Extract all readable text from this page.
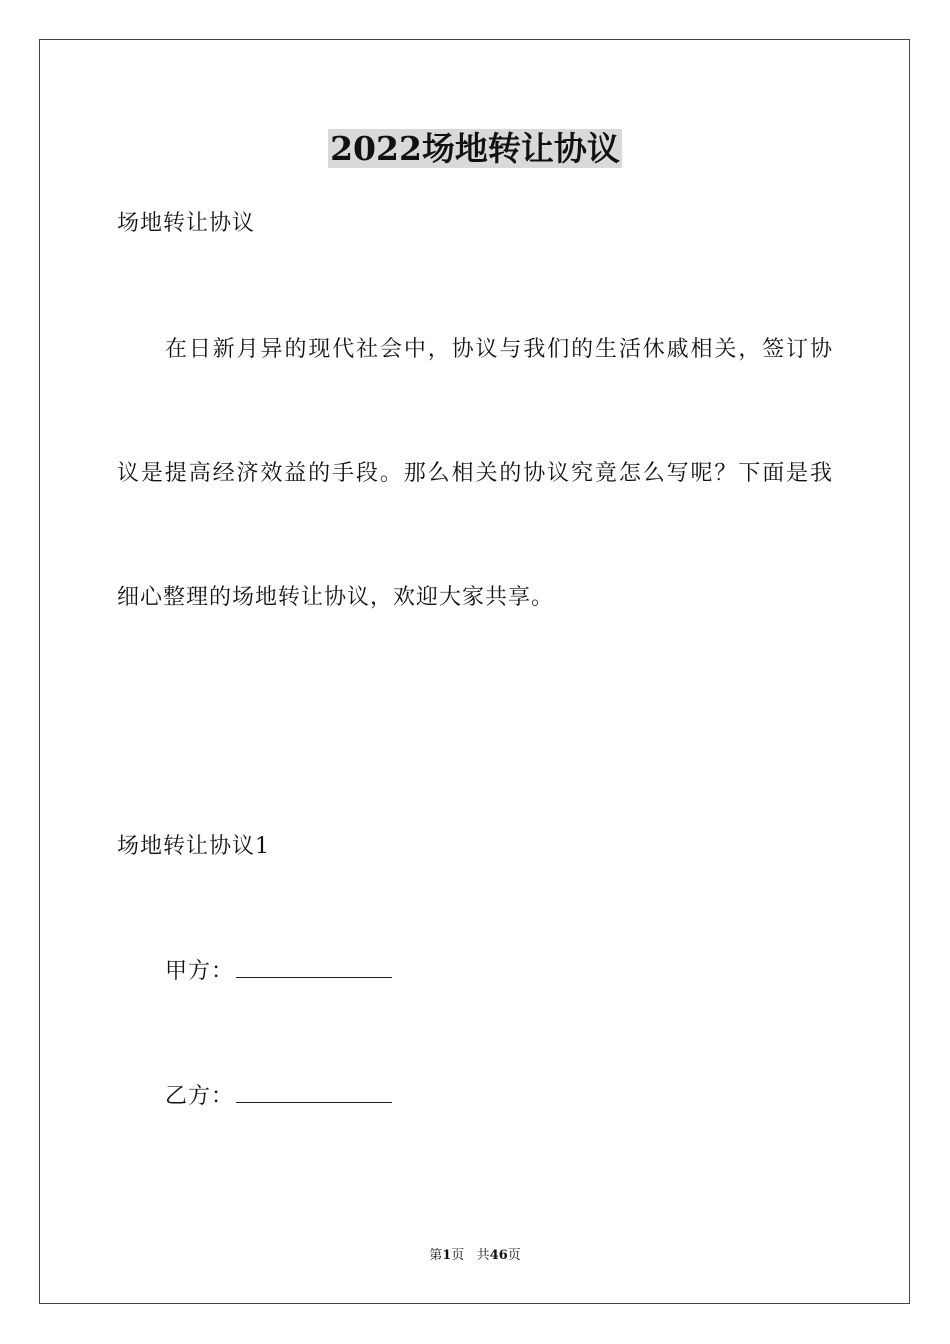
2022场地转让协议
场地转让协议
在日新月异的现代社会中，协议与我们的生活休戚相关，签订协
议是提高经济效益的手段。那么相关的协议究竟怎么写呢？下面是我
细心整理的场地转让协议，欢迎大家共享。
场地转让协议1
甲方：
乙方：
第1页 共46页
